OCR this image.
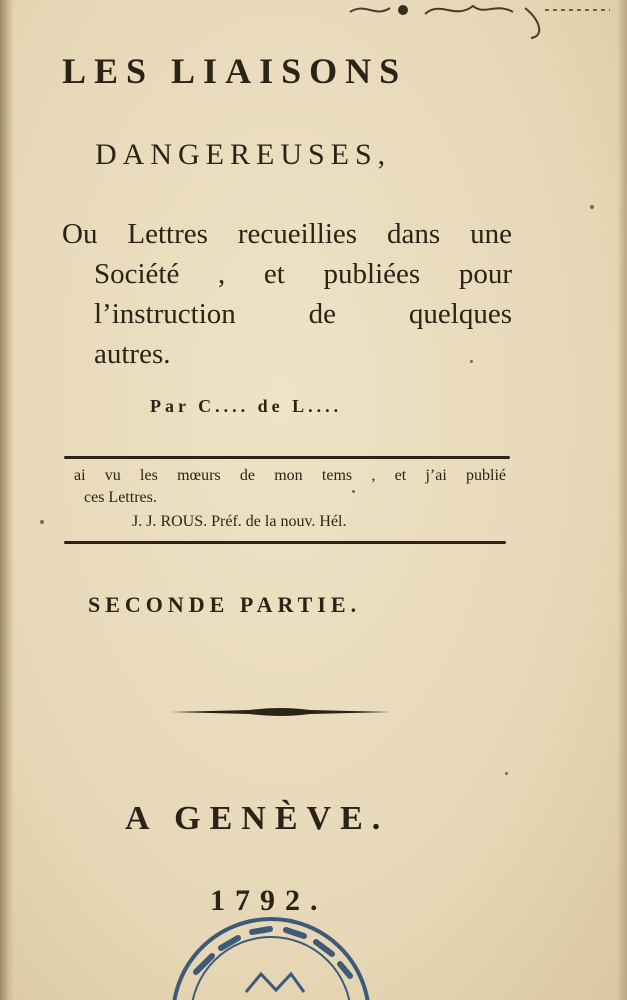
LES LIAISONS
DANGEREUSES,
Ou Lettres recueillies dans une
Société , et publiées pour
l’instruction de quelques
autres.
Par C.... de L....
ai vu les mœurs de mon tems , et j’ai publié
ces Lettres.
J. J. ROUS. Préf. de la nouv. Hél.
SECONDE PARTIE.
A GENÈVE.
1792.
